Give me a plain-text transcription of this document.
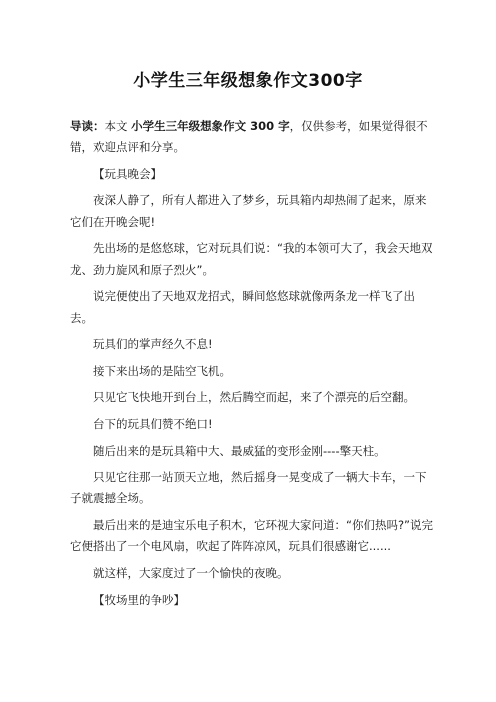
小学生三年级想象作文300字

导读：本文 小学生三年级想象作文 300 字，仅供参考，如果觉得很不错，欢迎点评和分享。

【玩具晚会】

夜深人静了，所有人都进入了梦乡，玩具箱内却热闹了起来，原来它们在开晚会呢!

先出场的是悠悠球，它对玩具们说：“我的本领可大了，我会天地双龙、劲力旋风和原子烈火”。

说完便使出了天地双龙招式，瞬间悠悠球就像两条龙一样飞了出去。

玩具们的掌声经久不息!

接下来出场的是陆空飞机。

只见它飞快地开到台上，然后腾空而起，来了个漂亮的后空翻。

台下的玩具们赞不绝口!

随后出来的是玩具箱中大、最威猛的变形金刚----擎天柱。

只见它往那一站顶天立地，然后摇身一晃变成了一辆大卡车，一下子就震撼全场。

最后出来的是迪宝乐电子积木，它环视大家问道：“你们热吗?”说完它便搭出了一个电风扇，吹起了阵阵凉风，玩具们很感谢它......

就这样，大家度过了一个愉快的夜晚。

【牧场里的争吵】
